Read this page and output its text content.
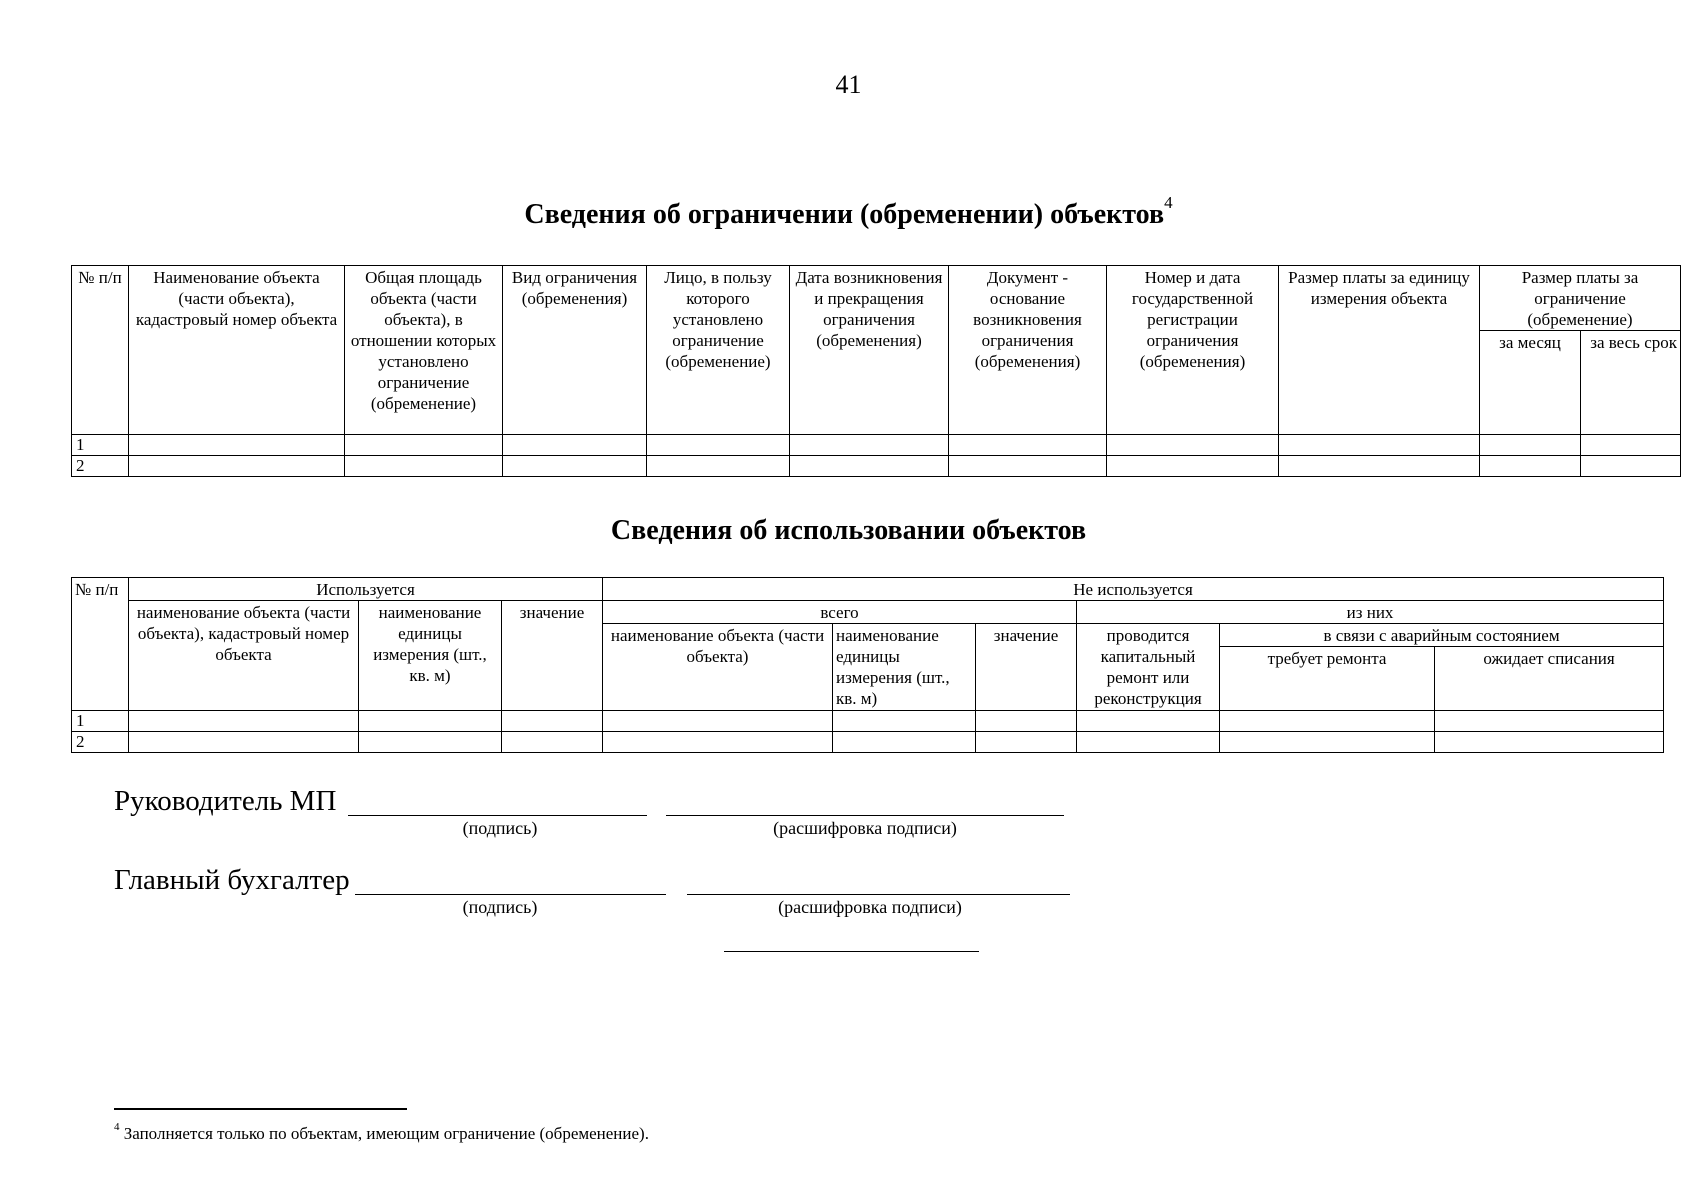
41
Сведения об ограничении (обременении) объектов$^4$
№ п/п	Наименование объекта (части объекта), кадастровый номер объекта	Общая площадь объекта (части объекта), в отношении которых установлено ограничение (обременение)	Вид ограничения (обременения)	Лицо, в пользу которого установлено ограничение (обременение)	Дата возникновения и прекращения ограничения (обременения)	Документ - основание возникновения ограничения (обременения)	Номер и дата государственной регистрации ограничения (обременения)	Размер платы за единицу измерения объекта	Размер платы за ограничение (обременение)	
									за месяц	за весь срок
1										
2										
Сведения об использовании объектов
№ п/п	Используется			Не используется					
	наименование объекта (части объекта), кадастровый номер объекта	наименование единицы измерения (шт., кв. м)	значение	всего			из них		
				наименование объекта (части объекта)	наименование единицы измерения (шт., кв. м)	значение	проводится капитальный ремонт или реконструкция	в связи с аварийным состоянием	
								требует ремонта	ожидает списания
1									
2									
Руководитель МП
(подпись)	(расшифровка подписи)
Главный бухгалтер
(подпись)	(расшифровка подписи)
$^4$ Заполняется только по объектам, имеющим ограничение (обременение).
